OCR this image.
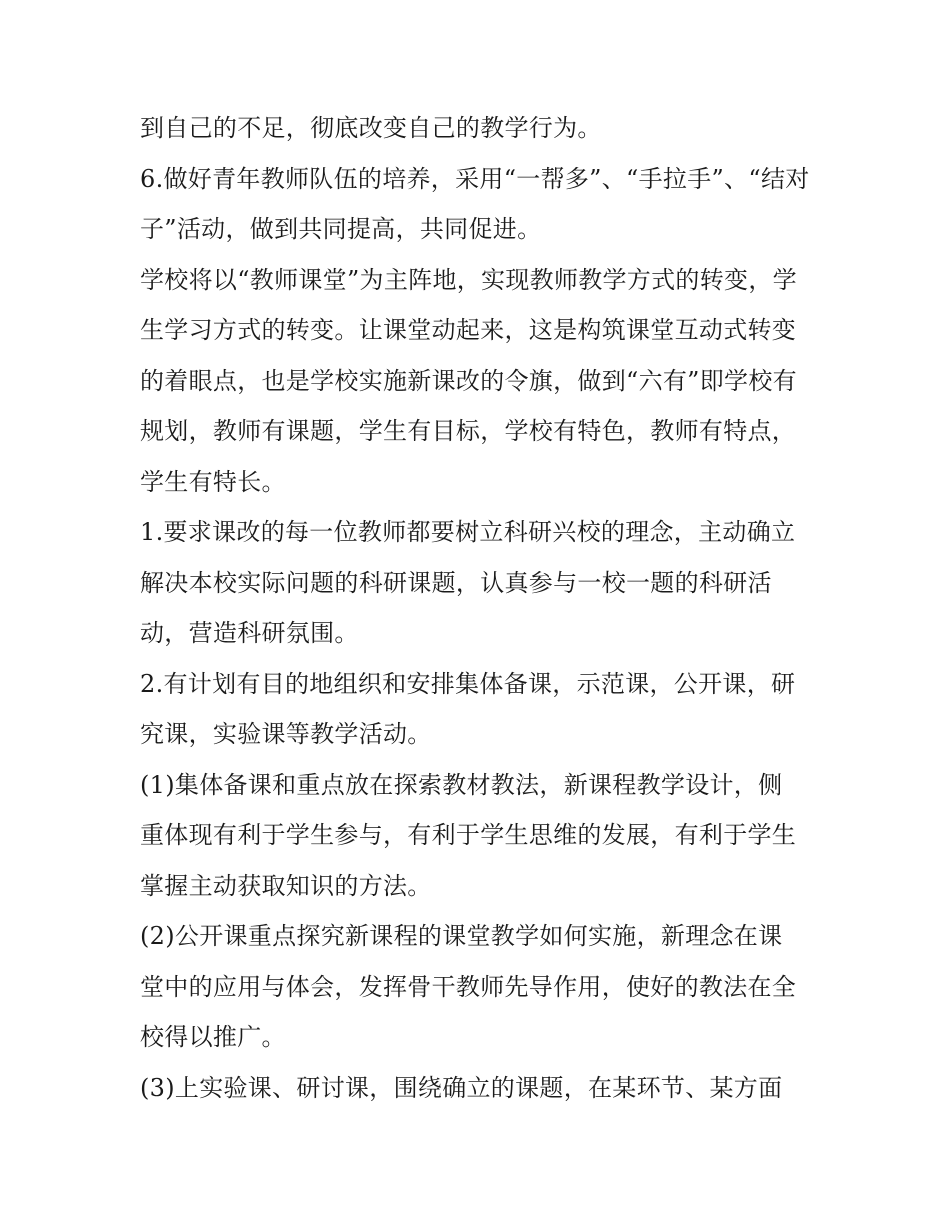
到自己的不足，彻底改变自己的教学行为。
6.做好青年教师队伍的培养，采用“一帮多”、“手拉手”、“结对
子”活动，做到共同提高，共同促进。
学校将以“教师课堂”为主阵地，实现教师教学方式的转变，学
生学习方式的转变。让课堂动起来，这是构筑课堂互动式转变
的着眼点，也是学校实施新课改的令旗，做到“六有”即学校有
规划，教师有课题，学生有目标，学校有特色，教师有特点，
学生有特长。
1.要求课改的每一位教师都要树立科研兴校的理念，主动确立
解决本校实际问题的科研课题，认真参与一校一题的科研活
动，营造科研氛围。
2.有计划有目的地组织和安排集体备课，示范课，公开课，研
究课，实验课等教学活动。
(1)集体备课和重点放在探索教材教法，新课程教学设计，侧
重体现有利于学生参与，有利于学生思维的发展，有利于学生
掌握主动获取知识的方法。
(2)公开课重点探究新课程的课堂教学如何实施，新理念在课
堂中的应用与体会，发挥骨干教师先导作用，使好的教法在全
校得以推广。
(3)上实验课、研讨课，围绕确立的课题，在某环节、某方面
